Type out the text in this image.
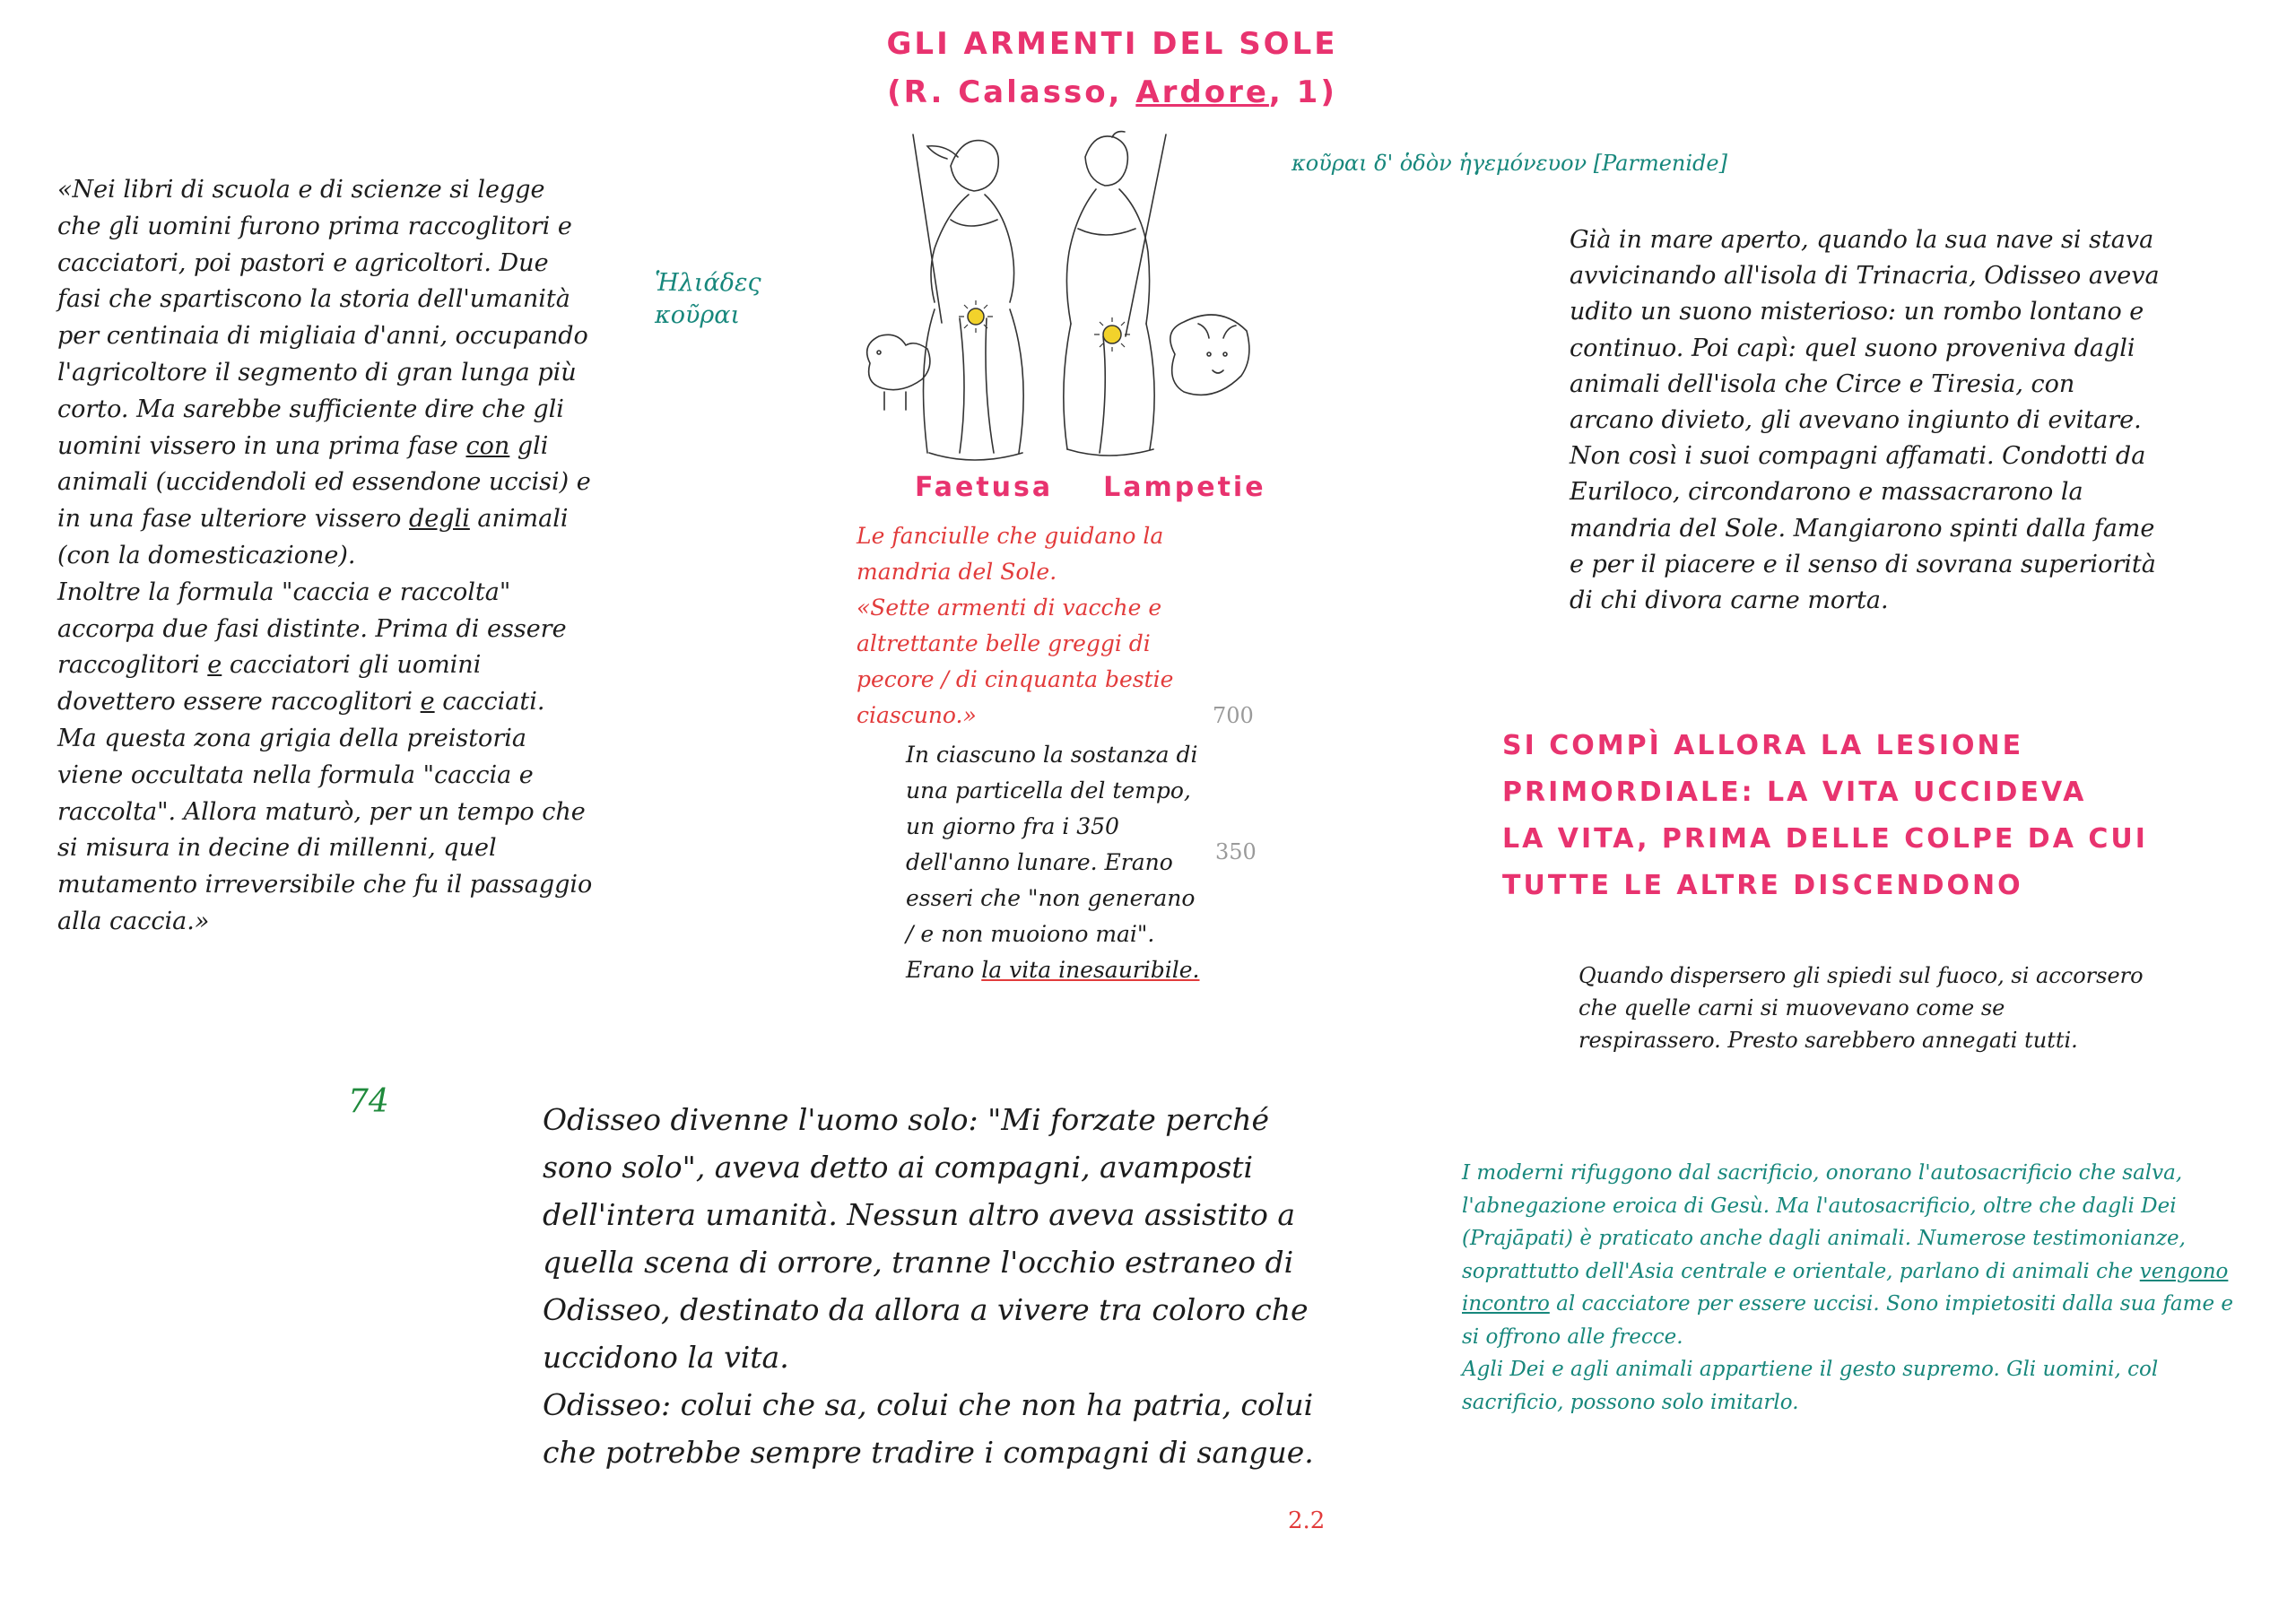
GLI ARMENTI DEL SOLE
(R. Calasso, Ardore, 1)

«Nei libri di scuola e di scienze si legge che gli uomini furono prima raccoglitori e cacciatori, poi pastori e agricoltori. Due fasi che spartiscono la storia dell'umanità per centinaia di migliaia d'anni, occupando l'agricoltore il segmento di gran lunga più corto. Ma sarebbe sufficiente dire che gli uomini vissero in una prima fase con gli animali (uccidendoli ed essendone uccisi) e in una fase ulteriore vissero degli animali (con la domesticazione).

Inoltre la formula "caccia e raccolta" accorpa due fasi distinte. Prima di essere raccoglitori e cacciatori gli uomini dovettero essere raccoglitori e cacciati.

Ma questa zona grigia della preistoria viene occultata nella formula "caccia e raccolta". Allora maturò, per un tempo che si misura in decine di millenni, quel mutamento irreversibile che fu il passaggio alla caccia.»

Ἡλιάδες
κοῦραι
κοῦραι δ' ὁδὸν ἡγεμόνευον [Parmenide]
Faetusa Lampetie

Le fanciulle che guidano la mandria del Sole.

«Sette armenti di vacche e altrettante belle greggi di pecore / di cinquanta bestie ciascuno.»	700
350

In ciascuno la sostanza di una particella del tempo, un giorno fra i 350 dell'anno lunare. Erano esseri che "non generano / e non muoiono mai". Erano la vita inesauribile.

Già in mare aperto, quando la sua nave si stava avvicinando all'isola di Trinacria, Odisseo aveva udito un suono misterioso: un rombo lontano e continuo. Poi capì: quel suono proveniva dagli animali dell'isola che Circe e Tiresia, con arcano divieto, gli avevano ingiunto di evitare.

Non così i suoi compagni affamati. Condotti da Euriloco, circondarono e massacrarono la mandria del Sole. Mangiarono spinti dalla fame e per il piacere e il senso di sovrana superiorità di chi divora carne morta.

SI COMPÌ ALLORA LA LESIONE

PRIMORDIALE: LA VITA UCCIDEVA

LA VITA, PRIMA DELLE COLPE DA CUI

TUTTE LE ALTRE DISCENDONO

Quando dispersero gli spiedi sul fuoco, si accorsero che quelle carni si muovevano come se respirassero. Presto sarebbero annegati tutti.
74	Odisseo divenne l'uomo solo: "Mi forzate perché sono solo", aveva detto ai compagni, avamposti dell'intera umanità. Nessun altro aveva assistito a quella scena di orrore, tranne l'occhio estraneo di Odisseo, destinato da allora a vivere tra coloro che uccidono la vita.

Odisseo: colui che sa, colui che non ha patria, colui che potrebbe sempre tradire i compagni di sangue.

2.2

I moderni rifuggono dal sacrificio, onorano l'autosacrificio che salva, l'abnegazione eroica di Gesù. Ma l'autosacrificio, oltre che dagli Dei (Prajāpati) è praticato anche dagli animali. Numerose testimonianze, soprattutto dell'Asia centrale e orientale, parlano di animali che vengono incontro al cacciatore per essere uccisi. Sono impietositi dalla sua fame e si offrono alle frecce.

Agli Dei e agli animali appartiene il gesto supremo. Gli uomini, col sacrificio, possono solo imitarlo.
